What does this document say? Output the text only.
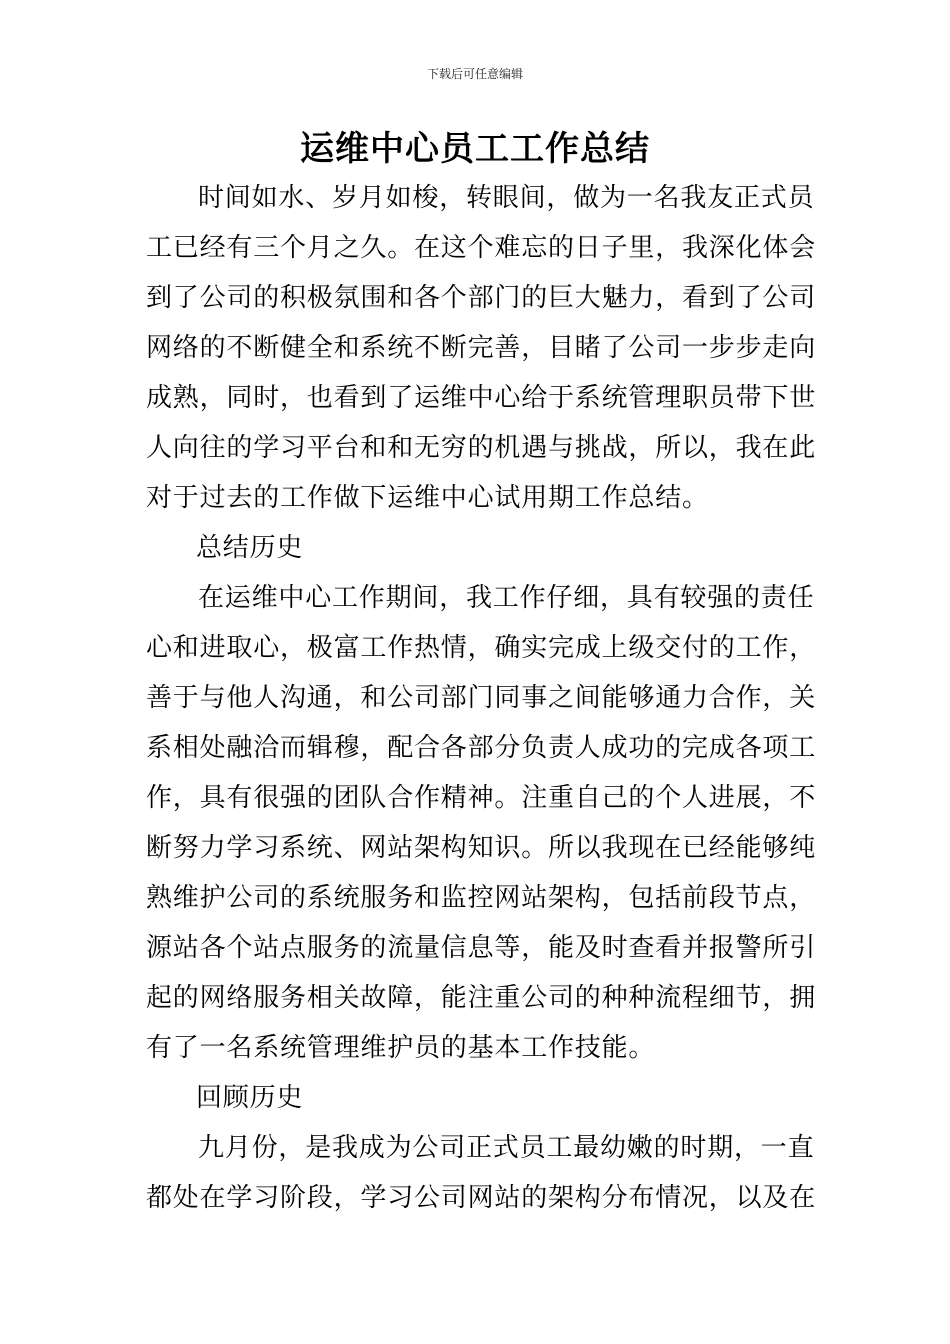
下载后可任意编辑
运维中心员工工作总结
时间如水、岁月如梭，转眼间，做为一名我友正式员
工已经有三个月之久。在这个难忘的日子里，我深化体会
到了公司的积极氛围和各个部门的巨大魅力，看到了公司
网络的不断健全和系统不断完善，目睹了公司一步步走向
成熟，同时，也看到了运维中心给于系统管理职员带下世
人向往的学习平台和和无穷的机遇与挑战，所以，我在此
对于过去的工作做下运维中心试用期工作总结。
总结历史
在运维中心工作期间，我工作仔细，具有较强的责任
心和进取心，极富工作热情，确实完成上级交付的工作，
善于与他人沟通，和公司部门同事之间能够通力合作，关
系相处融洽而辑穆，配合各部分负责人成功的完成各项工
作，具有很强的团队合作精神。注重自己的个人进展，不
断努力学习系统、网站架构知识。所以我现在已经能够纯
熟维护公司的系统服务和监控网站架构，包括前段节点，
源站各个站点服务的流量信息等，能及时查看并报警所引
起的网络服务相关故障，能注重公司的种种流程细节，拥
有了一名系统管理维护员的基本工作技能。
回顾历史
九月份，是我成为公司正式员工最幼嫩的时期，一直
都处在学习阶段，学习公司网站的架构分布情况，以及在
